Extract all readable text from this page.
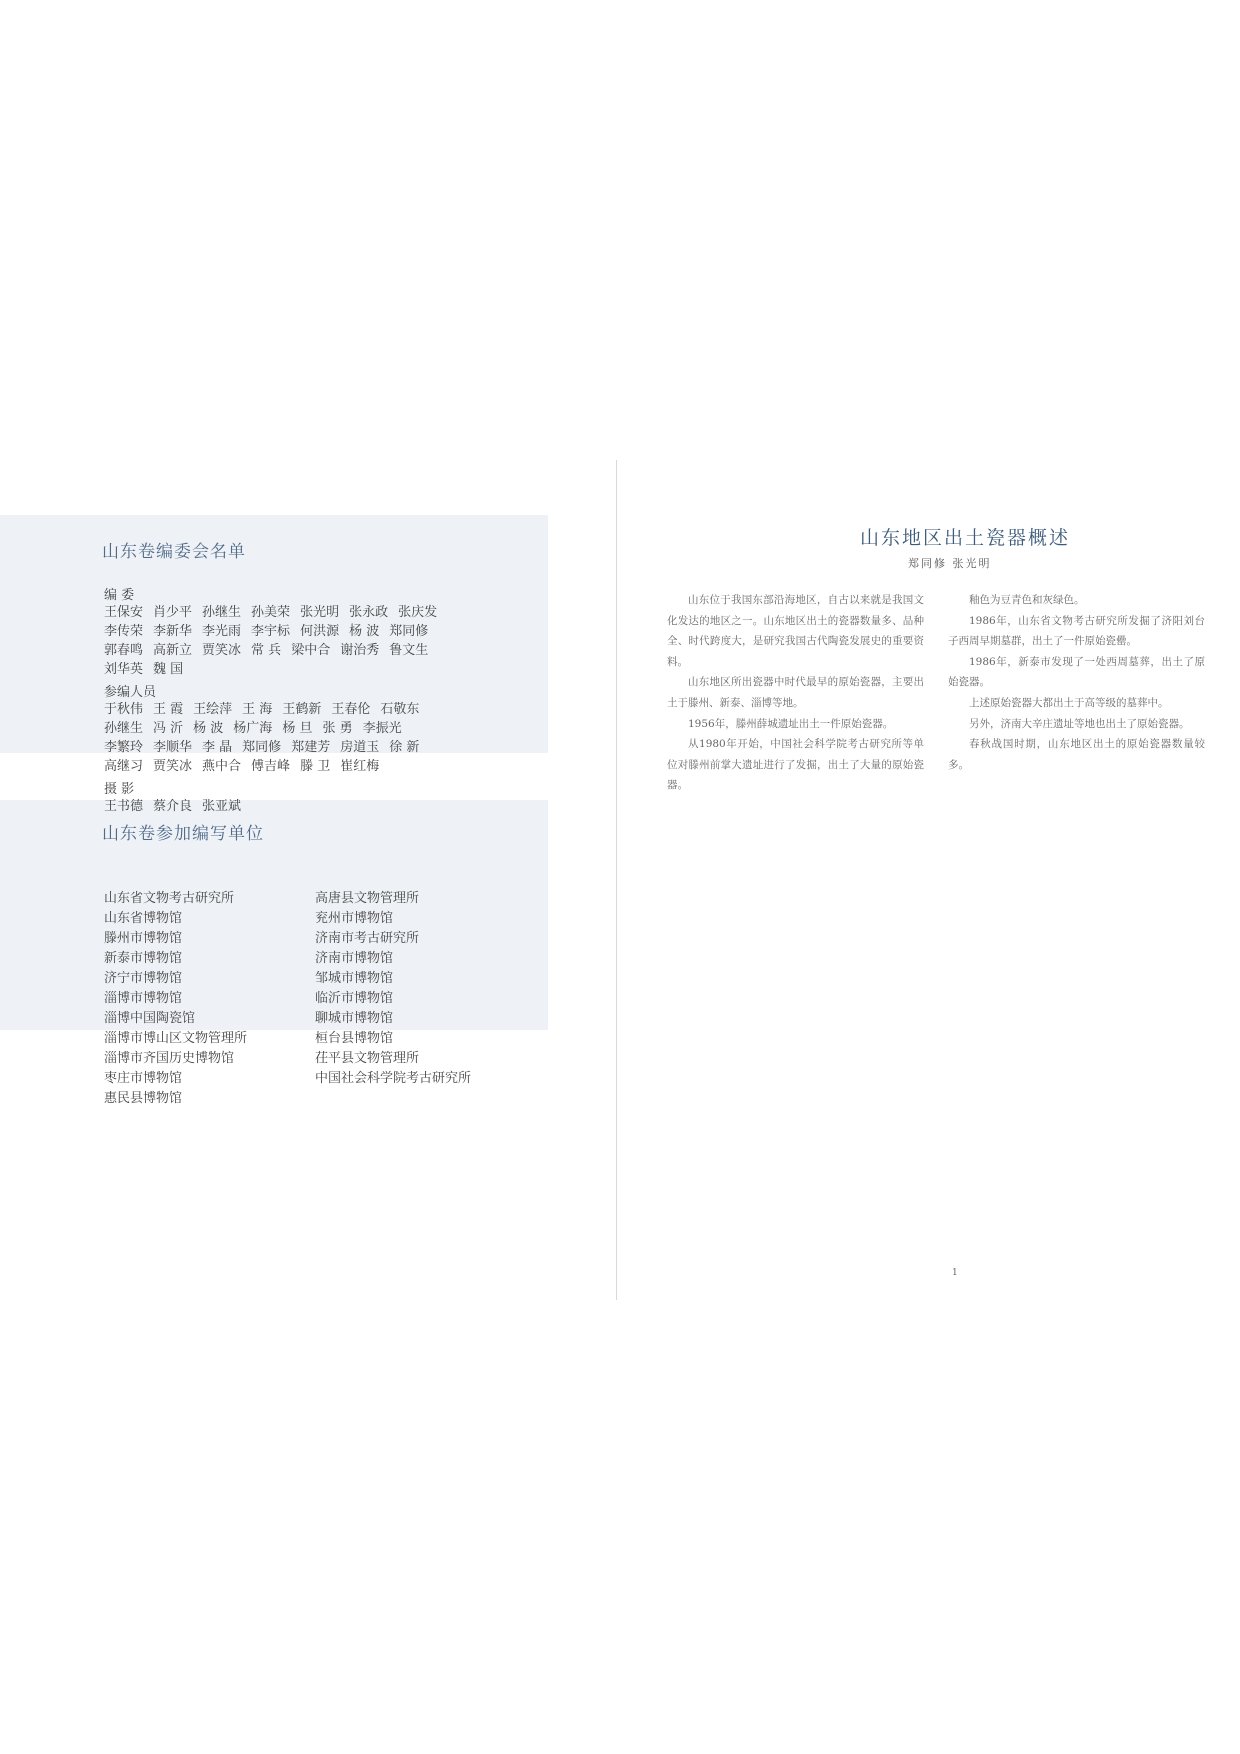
山东卷编委会名单
编 委
王保安 肖少平 孙继生 孙美荣 张光明 张永政 张庆发
李传荣 李新华 李光雨 李宇标 何洪源 杨 波 郑同修
郭春鸣 高新立 贾笑冰 常 兵 梁中合 谢治秀 鲁文生
刘华英 魏 国
参编人员
于秋伟 王 霞 王绘萍 王 海 王鹤新 王春伦 石敬东
孙继生 冯 沂 杨 波 杨广海 杨 旦 张 勇 李振光
李繁玲 李顺华 李 晶 郑同修 郑建芳 房道玉 徐 新
高继习 贾笑冰 燕中合 傅吉峰 滕 卫 崔红梅
摄 影
王书德 蔡介良 张亚斌
山东卷参加编写单位
山东省文物考古研究所
山东省博物馆
滕州市博物馆
新泰市博物馆
济宁市博物馆
淄博市博物馆
淄博中国陶瓷馆
淄博市博山区文物管理所
淄博市齐国历史博物馆
枣庄市博物馆
惠民县博物馆
高唐县文物管理所
兖州市博物馆
济南市考古研究所
济南市博物馆
邹城市博物馆
临沂市博物馆
聊城市博物馆
桓台县博物馆
茌平县文物管理所
中国社会科学院考古研究所
山东地区出土瓷器概述
郑同修 张光明

山东位于我国东部沿海地区，自古以来就是我国文化发达的地区之一。山东地区出土的瓷器数量多、品种全、时代跨度大，是研究我国古代陶瓷发展史的重要资料。

山东地区所出瓷器中时代最早的原始瓷器，主要出土于滕州、新泰、淄博等地。

1956年，滕州薛城遗址出土一件原始瓷器。

从1980年开始，中国社会科学院考古研究所等单位对滕州前掌大遗址进行了发掘，出土了大量的原始瓷器。

釉色为豆青色和灰绿色。

1986年，山东省文物考古研究所发掘了济阳刘台子西周早期墓群，出土了一件原始瓷罍。

1986年，新泰市发现了一处西周墓葬，出土了原始瓷器。

上述原始瓷器大都出土于高等级的墓葬中。

另外，济南大辛庄遗址等地也出土了原始瓷器。

春秋战国时期，山东地区出土的原始瓷器数量较多。

1
